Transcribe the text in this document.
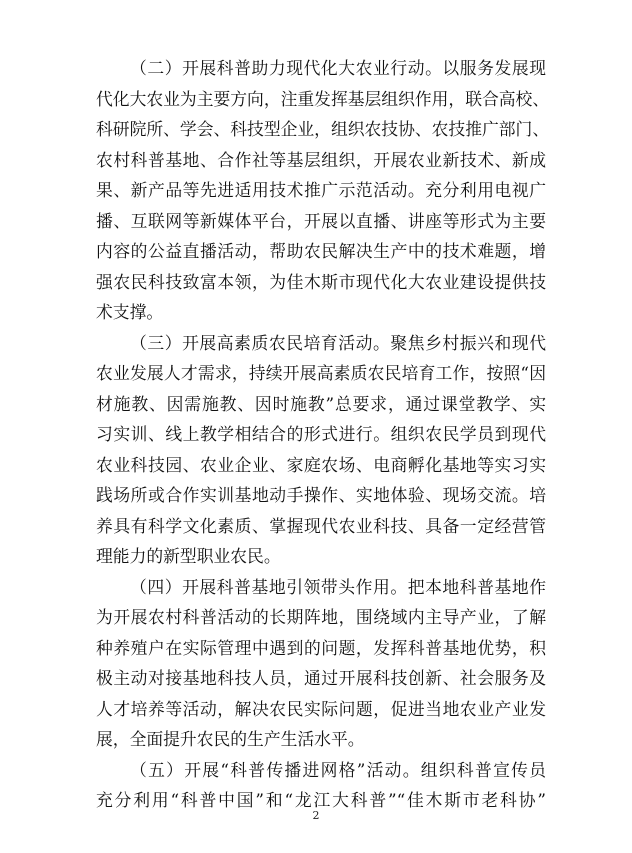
（二）开展科普助力现代化大农业行动。以服务发展现
代化大农业为主要方向，注重发挥基层组织作用，联合高校、
科研院所、学会、科技型企业，组织农技协、农技推广部门、
农村科普基地、合作社等基层组织，开展农业新技术、新成
果、新产品等先进适用技术推广示范活动。充分利用电视广
播、互联网等新媒体平台，开展以直播、讲座等形式为主要
内容的公益直播活动，帮助农民解决生产中的技术难题，增
强农民科技致富本领，为佳木斯市现代化大农业建设提供技
术支撑。
（三）开展高素质农民培育活动。聚焦乡村振兴和现代
农业发展人才需求，持续开展高素质农民培育工作，按照“因
材施教、因需施教、因时施教”总要求，通过课堂教学、实
习实训、线上教学相结合的形式进行。组织农民学员到现代
农业科技园、农业企业、家庭农场、电商孵化基地等实习实
践场所或合作实训基地动手操作、实地体验、现场交流。培
养具有科学文化素质、掌握现代农业科技、具备一定经营管
理能力的新型职业农民。
（四）开展科普基地引领带头作用。把本地科普基地作
为开展农村科普活动的长期阵地，围绕域内主导产业，了解
种养殖户在实际管理中遇到的问题，发挥科普基地优势，积
极主动对接基地科技人员，通过开展科技创新、社会服务及
人才培养等活动，解决农民实际问题，促进当地农业产业发
展，全面提升农民的生产生活水平。
（五）开展“科普传播进网格”活动。组织科普宣传员
充分利用“科普中国”和“龙江大科普”“佳木斯市老科协”
2
